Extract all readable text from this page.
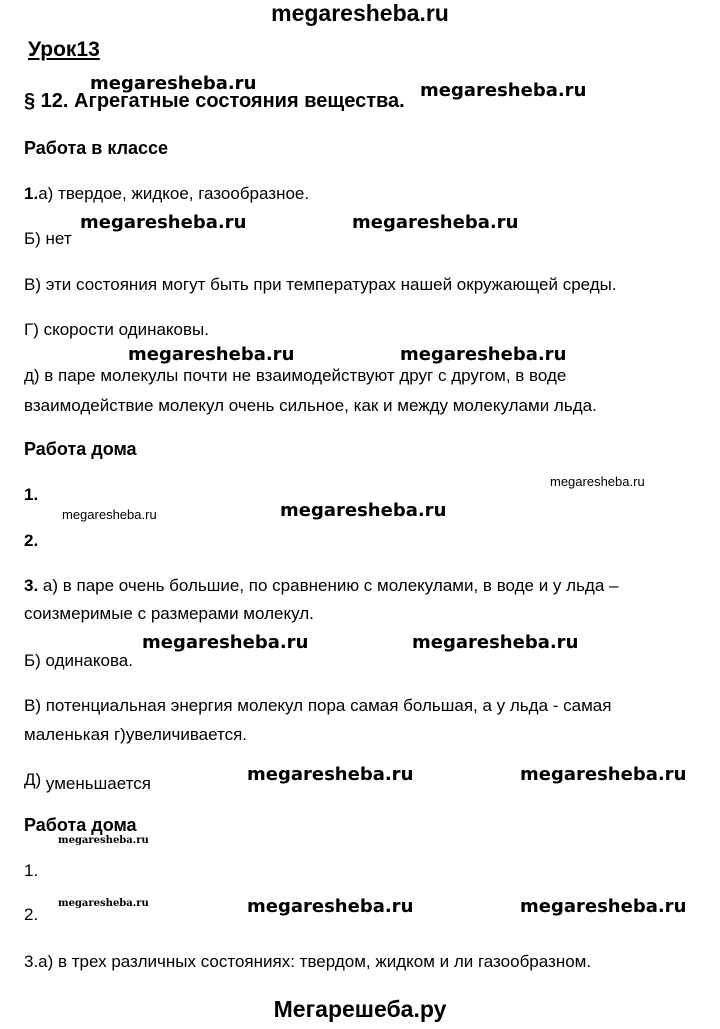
megaresheba.ru
Урок13
§ 12. Агрегатные состояния вещества.
Работа в классе
1.а) твердое, жидкое, газообразное.
Б) нет
В) эти состояния могут быть при температурах нашей окружающей среды.
Г) скорости одинаковы.
д) в паре молекулы почти не взаимодействуют друг с другом, в воде
взаимодействие молекул очень сильное, как и между молекулами льда.
Работа дома
1.
2.
3. а) в паре очень большие, по сравнению с молекулами, в воде и у льда –
соизмеримые с размерами молекул.
Б) одинакова.
В) потенциальная энергия молекул пора самая большая, а у льда - самая
маленькая г)увеличивается.
Д) уменьшается
Работа дома
1.
2.
3.а) в трех различных состояниях: твердом, жидком и ли газообразном.
megaresheba.ru	megaresheba.ru
megaresheba.ru	megaresheba.ru
megaresheba.ru	megaresheba.ru
megaresheba.ru
megaresheba.ru	megaresheba.ru
megaresheba.ru	megaresheba.ru
megaresheba.ru	megaresheba.ru
megaresheba.ru
megaresheba.ru	megaresheba.ru	megaresheba.ru
Мегарешеба.ру
